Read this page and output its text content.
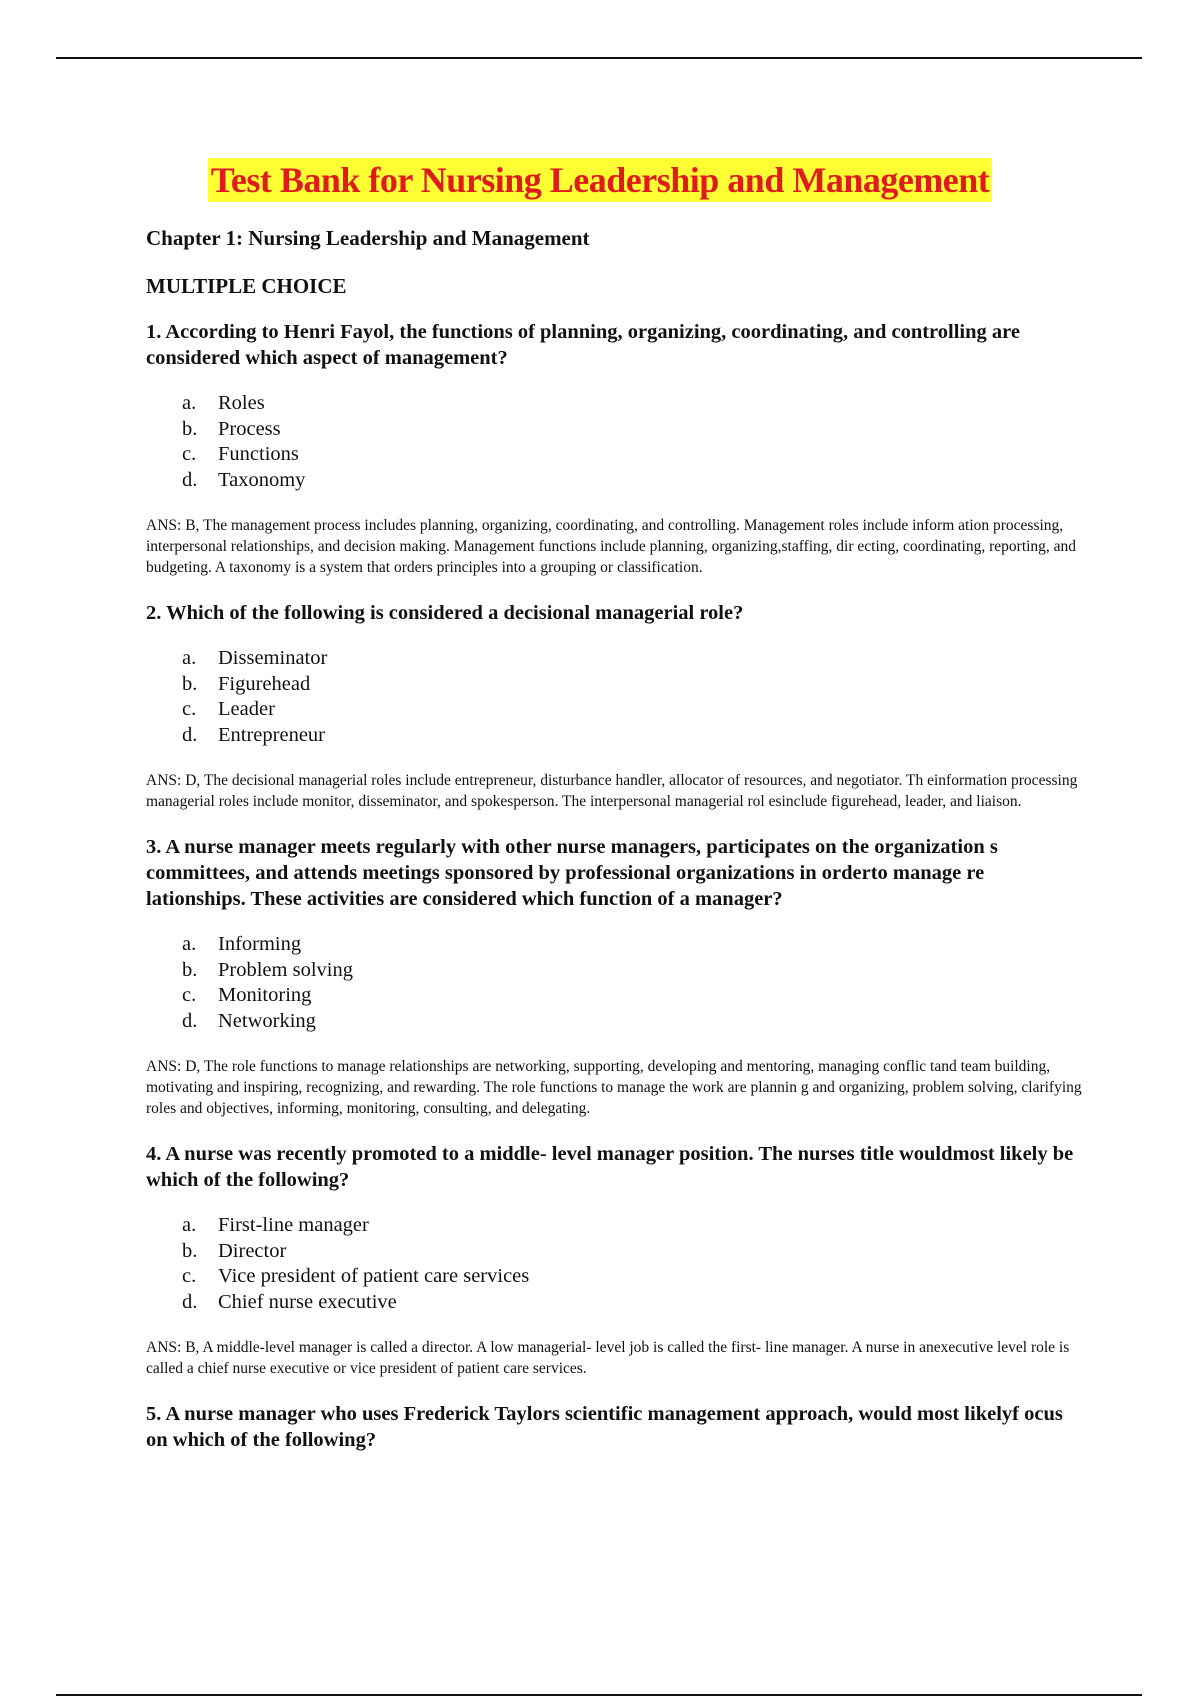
Test Bank for Nursing Leadership and Management
Chapter 1: Nursing Leadership and Management
MULTIPLE CHOICE
1. According to Henri Fayol, the functions of planning, organizing, coordinating, and controlling are considered which aspect of management?
a.	Roles
b.	Process
c.	Functions
d.	Taxonomy

ANS: B, The management process includes planning, organizing, coordinating, and controlling. Management roles include inform ation processing, interpersonal relationships, and decision making. Management functions include planning, organizing,staffing, dir ecting, coordinating, reporting, and budgeting. A taxonomy is a system that orders principles into a grouping or classification.

2. Which of the following is considered a decisional managerial role?
a.	Disseminator
b.	Figurehead
c.	Leader
d.	Entrepreneur

ANS: D, The decisional managerial roles include entrepreneur, disturbance handler, allocator of resources, and negotiator. Th einformation processing managerial roles include monitor, disseminator, and spokesperson. The interpersonal managerial rol esinclude figurehead, leader, and liaison.

3. A nurse manager meets regularly with other nurse managers, participates on the organization s committees, and attends meetings sponsored by professional organizations in orderto manage re lationships. These activities are considered which function of a manager?
a.	Informing
b.	Problem solving
c.	Monitoring
d.	Networking

ANS: D, The role functions to manage relationships are networking, supporting, developing and mentoring, managing conflic tand team building, motivating and inspiring, recognizing, and rewarding. The role functions to manage the work are plannin g and organizing, problem solving, clarifying roles and objectives, informing, monitoring, consulting, and delegating.

4. A nurse was recently promoted to a middle- level manager position. The nurses title wouldmost likely be which of the following?
a.	First-line manager
b.	Director
c.	Vice president of patient care services
d.	Chief nurse executive

ANS: B, A middle-level manager is called a director. A low managerial- level job is called the first- line manager. A nurse in anexecutive level role is called a chief nurse executive or vice president of patient care services.

5. A nurse manager who uses Frederick Taylors scientific management approach, would most likelyf ocus on which of the following?
